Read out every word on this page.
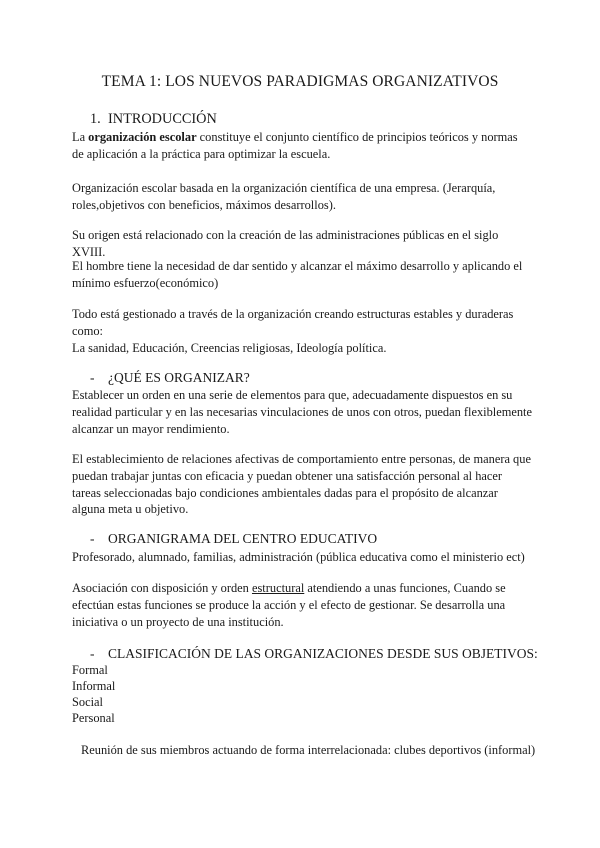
TEMA 1: LOS NUEVOS PARADIGMAS ORGANIZATIVOS
1. INTRODUCCIÓN

La organización escolar constituye el conjunto científico de principios teóricos y normas de aplicación a la práctica para optimizar la escuela.

Organización escolar basada en la organización científica de una empresa. (Jerarquía, roles,objetivos con beneficios, máximos desarrollos).

Su origen está relacionado con la creación de las administraciones públicas en el siglo XVIII.

El hombre tiene la necesidad de dar sentido y alcanzar el máximo desarrollo y aplicando el mínimo esfuerzo(económico)

Todo está gestionado a través de la organización creando estructuras estables y duraderas como:

La sanidad, Educación, Creencias religiosas, Ideología política.

- ¿QUÉ ES ORGANIZAR?

Establecer un orden en una serie de elementos para que, adecuadamente dispuestos en su realidad particular y en las necesarias vinculaciones de unos con otros, puedan flexiblemente alcanzar un mayor rendimiento.

El establecimiento de relaciones afectivas de comportamiento entre personas, de manera que puedan trabajar juntas con eficacia y puedan obtener una satisfacción personal al hacer tareas seleccionadas bajo condiciones ambientales dadas para el propósito de alcanzar alguna meta u objetivo.

- ORGANIGRAMA DEL CENTRO EDUCATIVO

Profesorado, alumnado, familias, administración (pública educativa como el ministerio ect)

Asociación con disposición y orden estructural atendiendo a unas funciones, Cuando se efectúan estas funciones se produce la acción y el efecto de gestionar. Se desarrolla una iniciativa o un proyecto de una institución.

- CLASIFICACIÓN DE LAS ORGANIZACIONES DESDE SUS OBJETIVOS:

Formal

Informal

Social

Personal

Reunión de sus miembros actuando de forma interrelacionada: clubes deportivos (informal)
